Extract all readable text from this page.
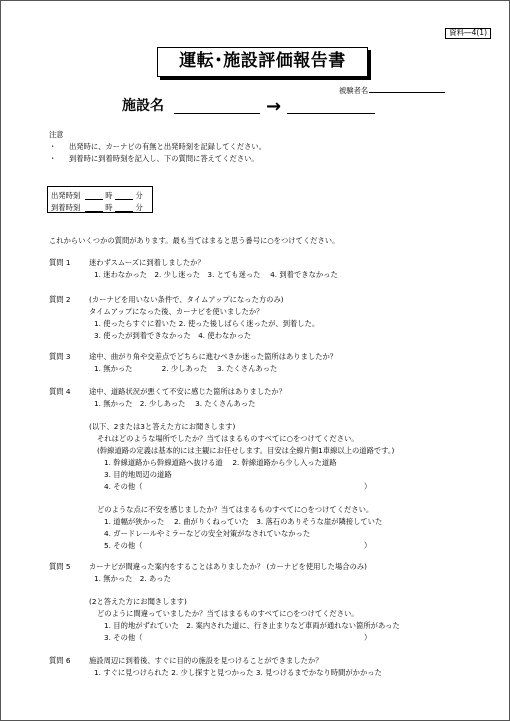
資料―4(1)
運転･施設評価報告書
被験者名
施設名	→
注意
・ 出発時に、カーナビの有無と出発時刻を記録してください。
・ 到着時に到着時刻を記入し、下の質問に答えてください。
出発時刻	時	分
到着時刻	時	分
これからいくつかの質問があります。最も当てはまると思う番号に○をつけてください。
質問 1	迷わずスムーズに到着しましたか？
1. 迷わなかった　2. 少し迷った　3. とても迷った　 4. 到着できなかった
質問 2	(カーナビを用いない条件で、タイムアップになった方のみ)
タイムアップになった後、カーナビを使いましたか？
1. 使ったらすぐに着いた 2. 使った後しばらく迷ったが、到着した。
3. 使ったが到着できなかった　4. 使わなかった
質問 3	途中、曲がり角や交差点でどちらに進むべきか迷った箇所はありましたか？
1. 無かった　　　　2. 少しあった　 3. たくさんあった
質問 4	途中、道路状況が悪くて不安に感じた箇所はありましたか？
1. 無かった　2. 少しあった　 3. たくさんあった
(以下、2または3と答えた方にお聞きします)
それはどのような場所でしたか？当てはまるものすべてに○をつけてください。
(幹線道路の定義は基本的には主観にお任せします。目安は全線片側1車線以上の道路です。)
1. 幹線道路から幹線道路へ抜ける道　 2. 幹線道路から少し入った道路
3. 目的地周辺の道路
4. その他（	）
どのような点に不安を感じましたか？当てはまるものすべてに○をつけてください。
1. 道幅が狭かった　 2. 曲がりくねっていた　3. 落石のありそうな崖が隣接していた
4. ガードレールやミラーなどの安全対策がなされていなかった
5. その他（	）
質問 5	カーナビが間違った案内をすることはありましたか？ (カーナビを使用した場合のみ)
1. 無かった　2. あった
(2と答えた方にお聞きします)
どのように間違っていましたか？当てはまるものすべてに○をつけてください。
1. 目的地がずれていた　2. 案内された道に、行き止まりなど車両が通れない箇所があった
3. その他（	）
質問 6	施設周辺に到着後、すぐに目的の施設を見つけることができましたか？
1. すぐに見つけられた 2. 少し探すと見つかった 3. 見つけるまでかなり時間がかかった
